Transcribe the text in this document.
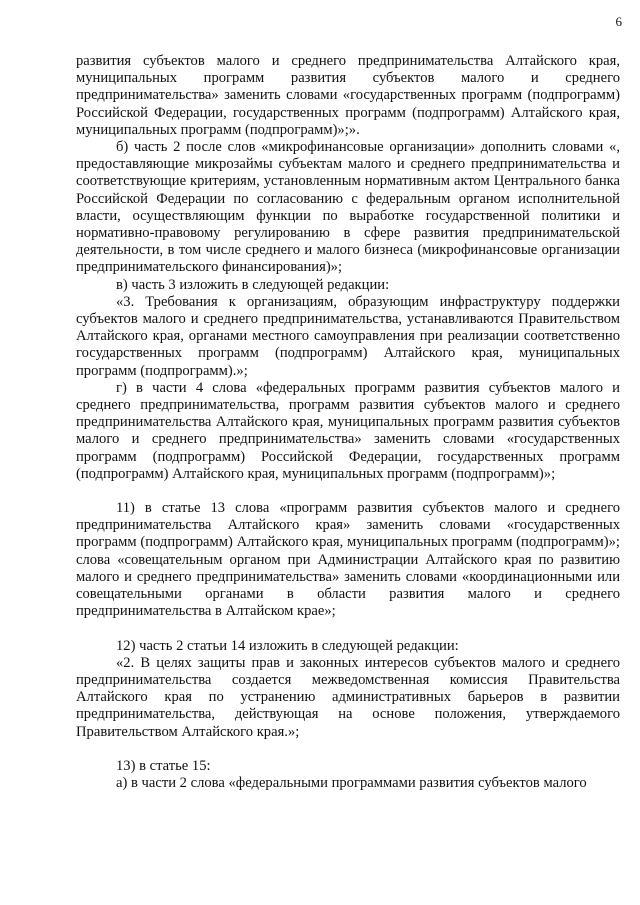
6

развития субъектов малого и среднего предпринимательства Алтайского края, муниципальных программ развития субъектов малого и среднего предпринимательства» заменить словами «государственных программ (подпрограмм) Российской Федерации, государственных программ (подпрограмм) Алтайского края, муниципальных программ (подпрограмм)»;».

б) часть 2 после слов «микрофинансовые организации» дополнить словами «, предоставляющие микрозаймы субъектам малого и среднего предпринимательства и соответствующие критериям, установленным нормативным актом Центрального банка Российской Федерации по согласованию с федеральным органом исполнительной власти, осуществляющим функции по выработке государственной политики и нормативно-правовому регулированию в сфере развития предпринимательской деятельности, в том числе среднего и малого бизнеса (микрофинансовые организации предпринимательского финансирования)»;

в) часть 3 изложить в следующей редакции:

«3. Требования к организациям, образующим инфраструктуру поддержки субъектов малого и среднего предпринимательства, устанавливаются Правительством Алтайского края, органами местного самоуправления при реализации соответственно государственных программ (подпрограмм) Алтайского края, муниципальных программ (подпрограмм).»;

г) в части 4 слова «федеральных программ развития субъектов малого и среднего предпринимательства, программ развития субъектов малого и среднего предпринимательства Алтайского края, муниципальных программ развития субъектов малого и среднего предпринимательства» заменить словами «государственных программ (подпрограмм) Российской Федерации, государственных программ (подпрограмм) Алтайского края, муниципальных программ (подпрограмм)»;

11) в статье 13 слова «программ развития субъектов малого и среднего предпринимательства Алтайского края» заменить словами «государственных программ (подпрограмм) Алтайского края, муниципальных программ (подпрограмм)»; слова «совещательным органом при Администрации Алтайского края по развитию малого и среднего предпринимательства» заменить словами «координационными или совещательными органами в области развития малого и среднего предпринимательства в Алтайском крае»;

12) часть 2 статьи 14 изложить в следующей редакции:

«2. В целях защиты прав и законных интересов субъектов малого и среднего предпринимательства создается межведомственная комиссия Правительства Алтайского края по устранению административных барьеров в развитии предпринимательства, действующая на основе положения, утверждаемого Правительством Алтайского края.»;

13) в статье 15:

а) в части 2 слова «федеральными программами развития субъектов малого
